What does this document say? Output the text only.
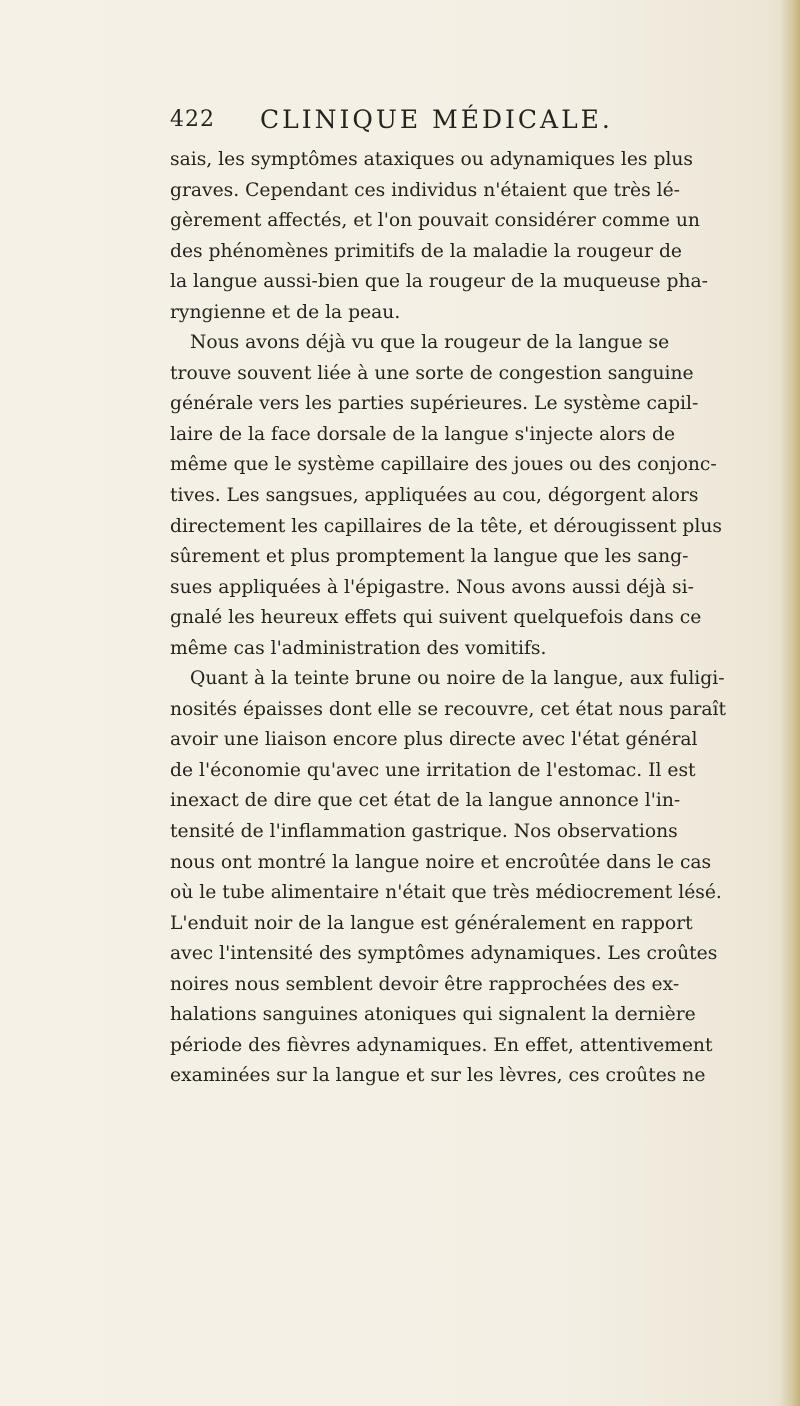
422 CLINIQUE MÉDICALE.
sais, les symptômes ataxiques ou adynamiques les plus
graves. Cependant ces individus n'étaient que très lé-
gèrement affectés, et l'on pouvait considérer comme un
des phénomènes primitifs de la maladie la rougeur de
la langue aussi-bien que la rougeur de la muqueuse pha-
ryngienne et de la peau.
Nous avons déjà vu que la rougeur de la langue se
trouve souvent liée à une sorte de congestion sanguine
générale vers les parties supérieures. Le système capil-
laire de la face dorsale de la langue s'injecte alors de
même que le système capillaire des joues ou des conjonc-
tives. Les sangsues, appliquées au cou, dégorgent alors
directement les capillaires de la tête, et dérougissent plus
sûrement et plus promptement la langue que les sang-
sues appliquées à l'épigastre. Nous avons aussi déjà si-
gnalé les heureux effets qui suivent quelquefois dans ce
même cas l'administration des vomitifs.
Quant à la teinte brune ou noire de la langue, aux fuligi-
nosités épaisses dont elle se recouvre, cet état nous paraît
avoir une liaison encore plus directe avec l'état général
de l'économie qu'avec une irritation de l'estomac. Il est
inexact de dire que cet état de la langue annonce l'in-
tensité de l'inflammation gastrique. Nos observations
nous ont montré la langue noire et encroûtée dans le cas
où le tube alimentaire n'était que très médiocrement lésé.
L'enduit noir de la langue est généralement en rapport
avec l'intensité des symptômes adynamiques. Les croûtes
noires nous semblent devoir être rapprochées des ex-
halations sanguines atoniques qui signalent la dernière
période des fièvres adynamiques. En effet, attentivement
examinées sur la langue et sur les lèvres, ces croûtes ne
